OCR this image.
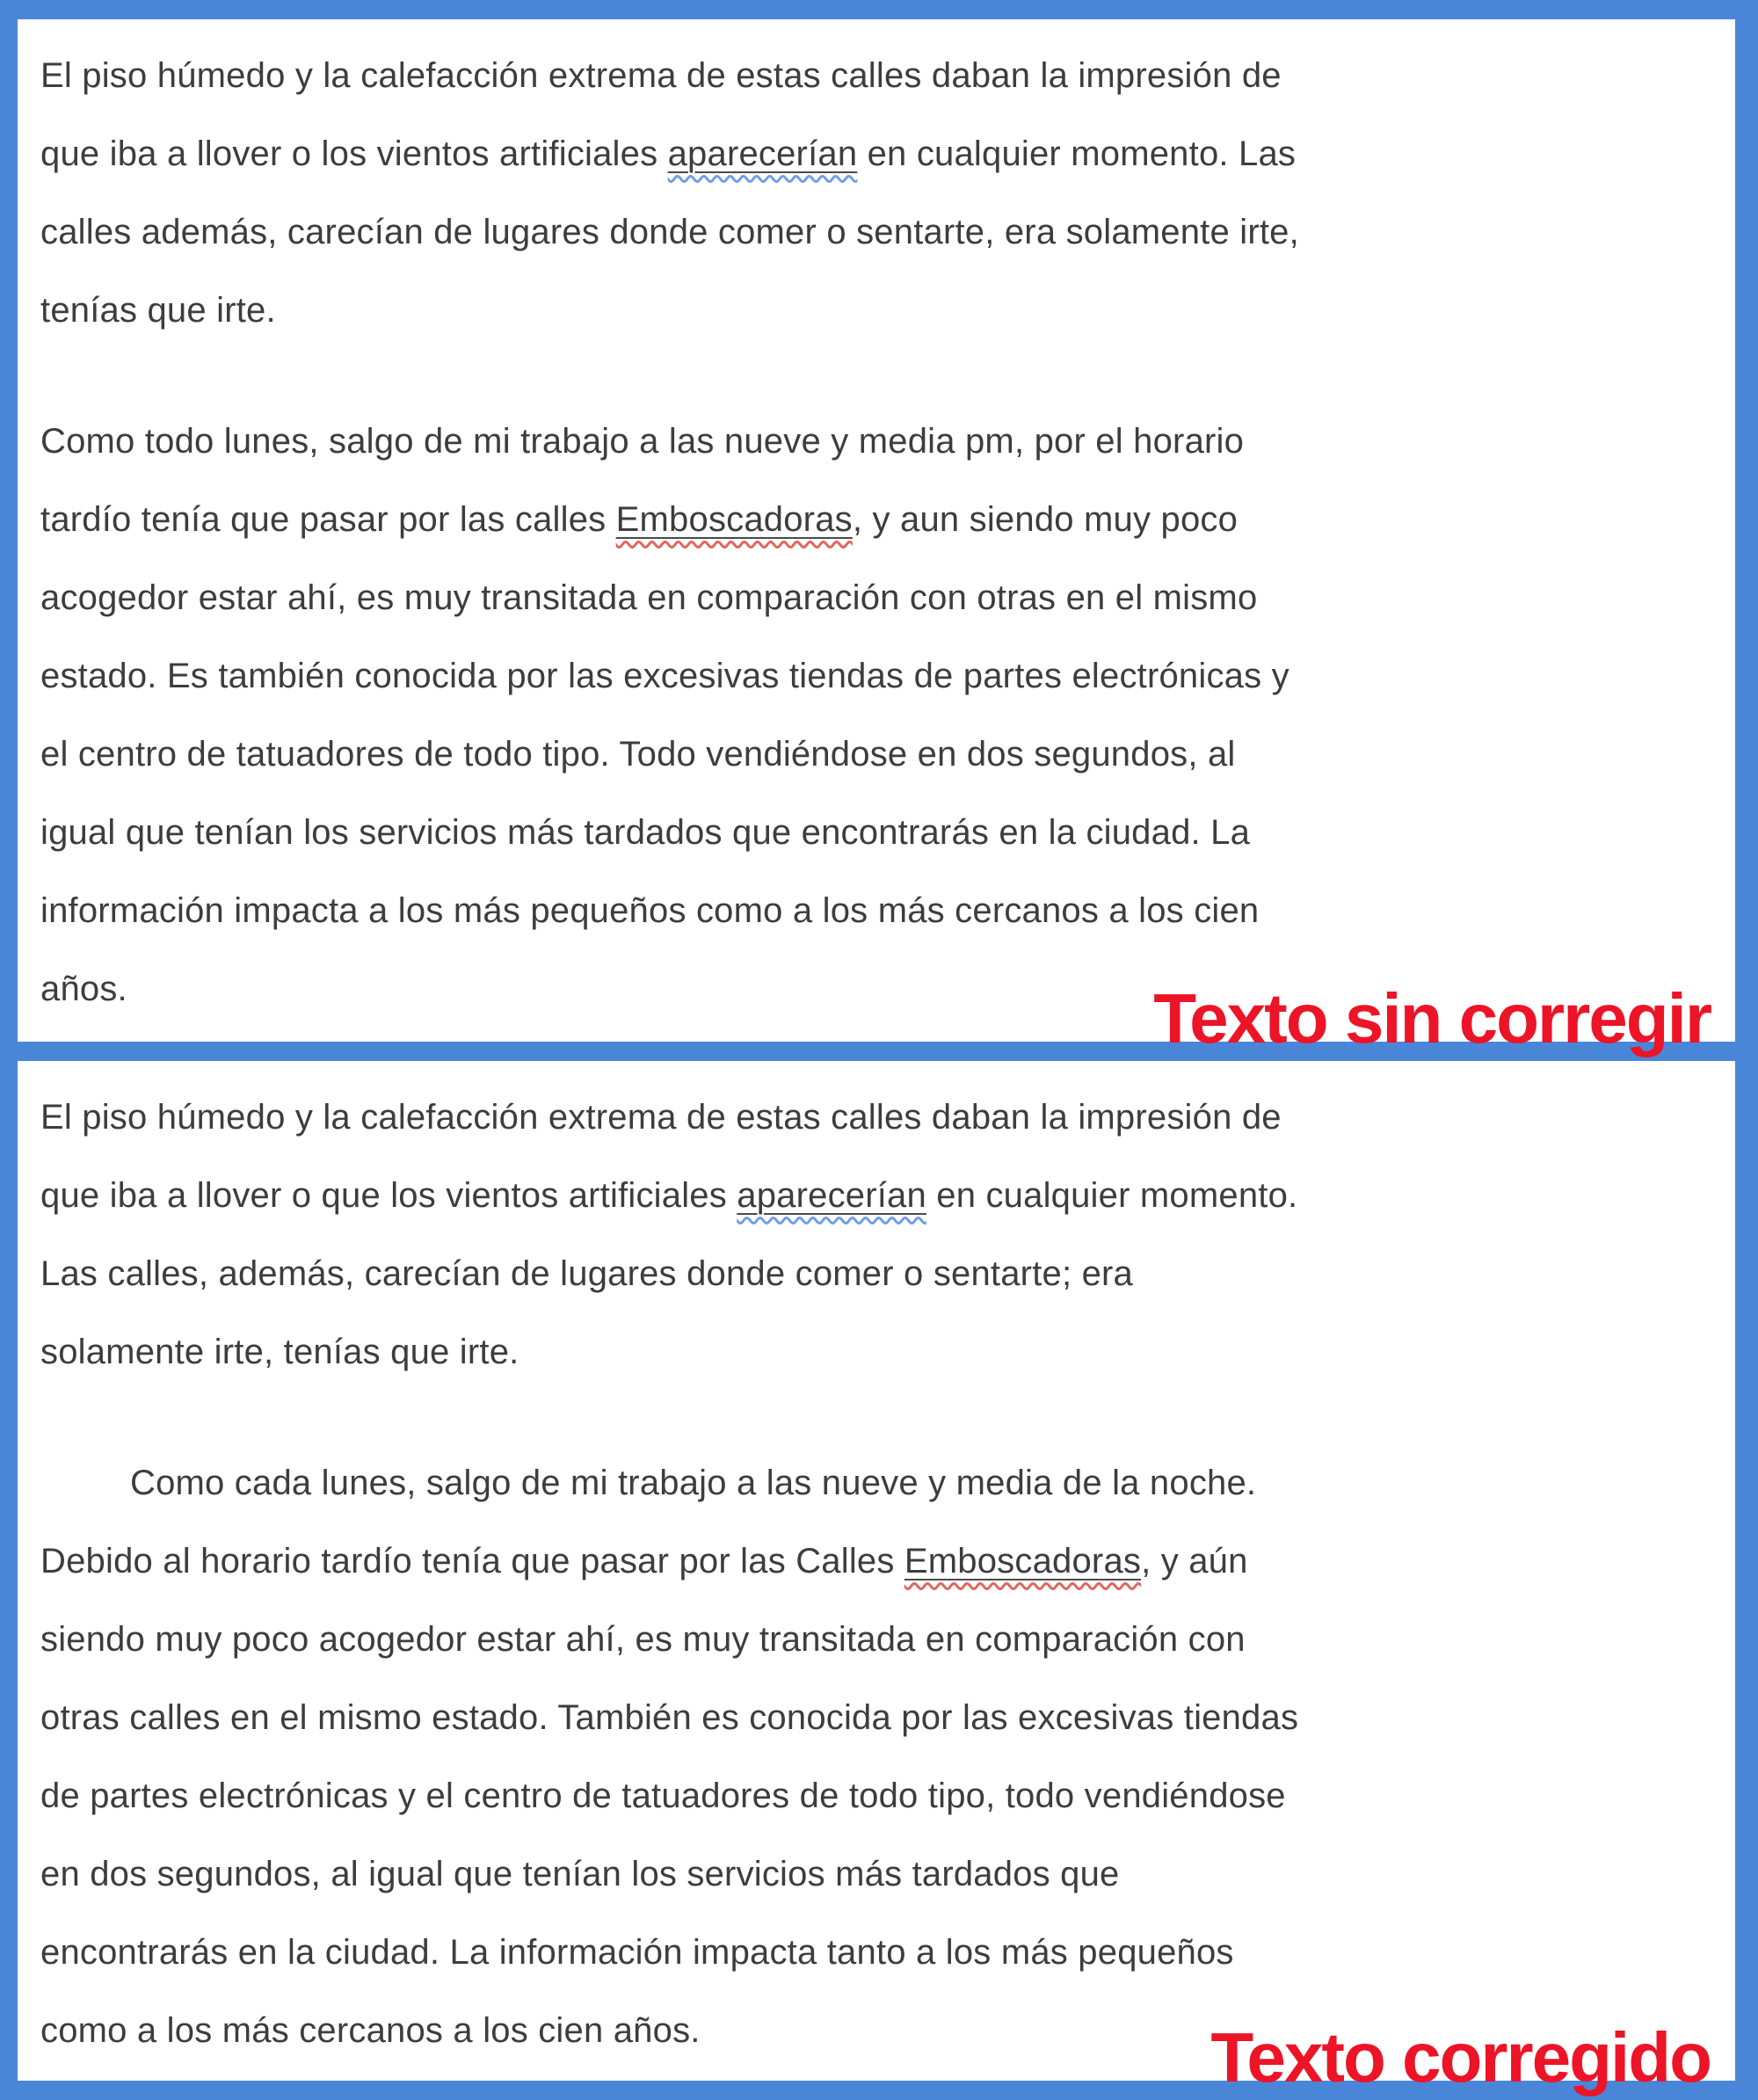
El piso húmedo y la calefacción extrema de estas calles daban la impresión de
que iba a llover o los vientos artificiales aparecerían en cualquier momento. Las
calles además, carecían de lugares donde comer o sentarte, era solamente irte,
tenías que irte.
Como todo lunes, salgo de mi trabajo a las nueve y media pm, por el horario
tardío tenía que pasar por las calles Emboscadoras, y aun siendo muy poco
acogedor estar ahí, es muy transitada en comparación con otras en el mismo
estado. Es también conocida por las excesivas tiendas de partes electrónicas y
el centro de tatuadores de todo tipo. Todo vendiéndose en dos segundos, al
igual que tenían los servicios más tardados que encontrarás en la ciudad. La
información impacta a los más pequeños como a los más cercanos a los cien
años.	Texto sin corregir
El piso húmedo y la calefacción extrema de estas calles daban la impresión de
que iba a llover o que los vientos artificiales aparecerían en cualquier momento.
Las calles, además, carecían de lugares donde comer o sentarte; era
solamente irte, tenías que irte.
Como cada lunes, salgo de mi trabajo a las nueve y media de la noche.
Debido al horario tardío tenía que pasar por las Calles Emboscadoras, y aún
siendo muy poco acogedor estar ahí, es muy transitada en comparación con
otras calles en el mismo estado. También es conocida por las excesivas tiendas
de partes electrónicas y el centro de tatuadores de todo tipo, todo vendiéndose
en dos segundos, al igual que tenían los servicios más tardados que
encontrarás en la ciudad. La información impacta tanto a los más pequeños
como a los más cercanos a los cien años.	Texto corregido
